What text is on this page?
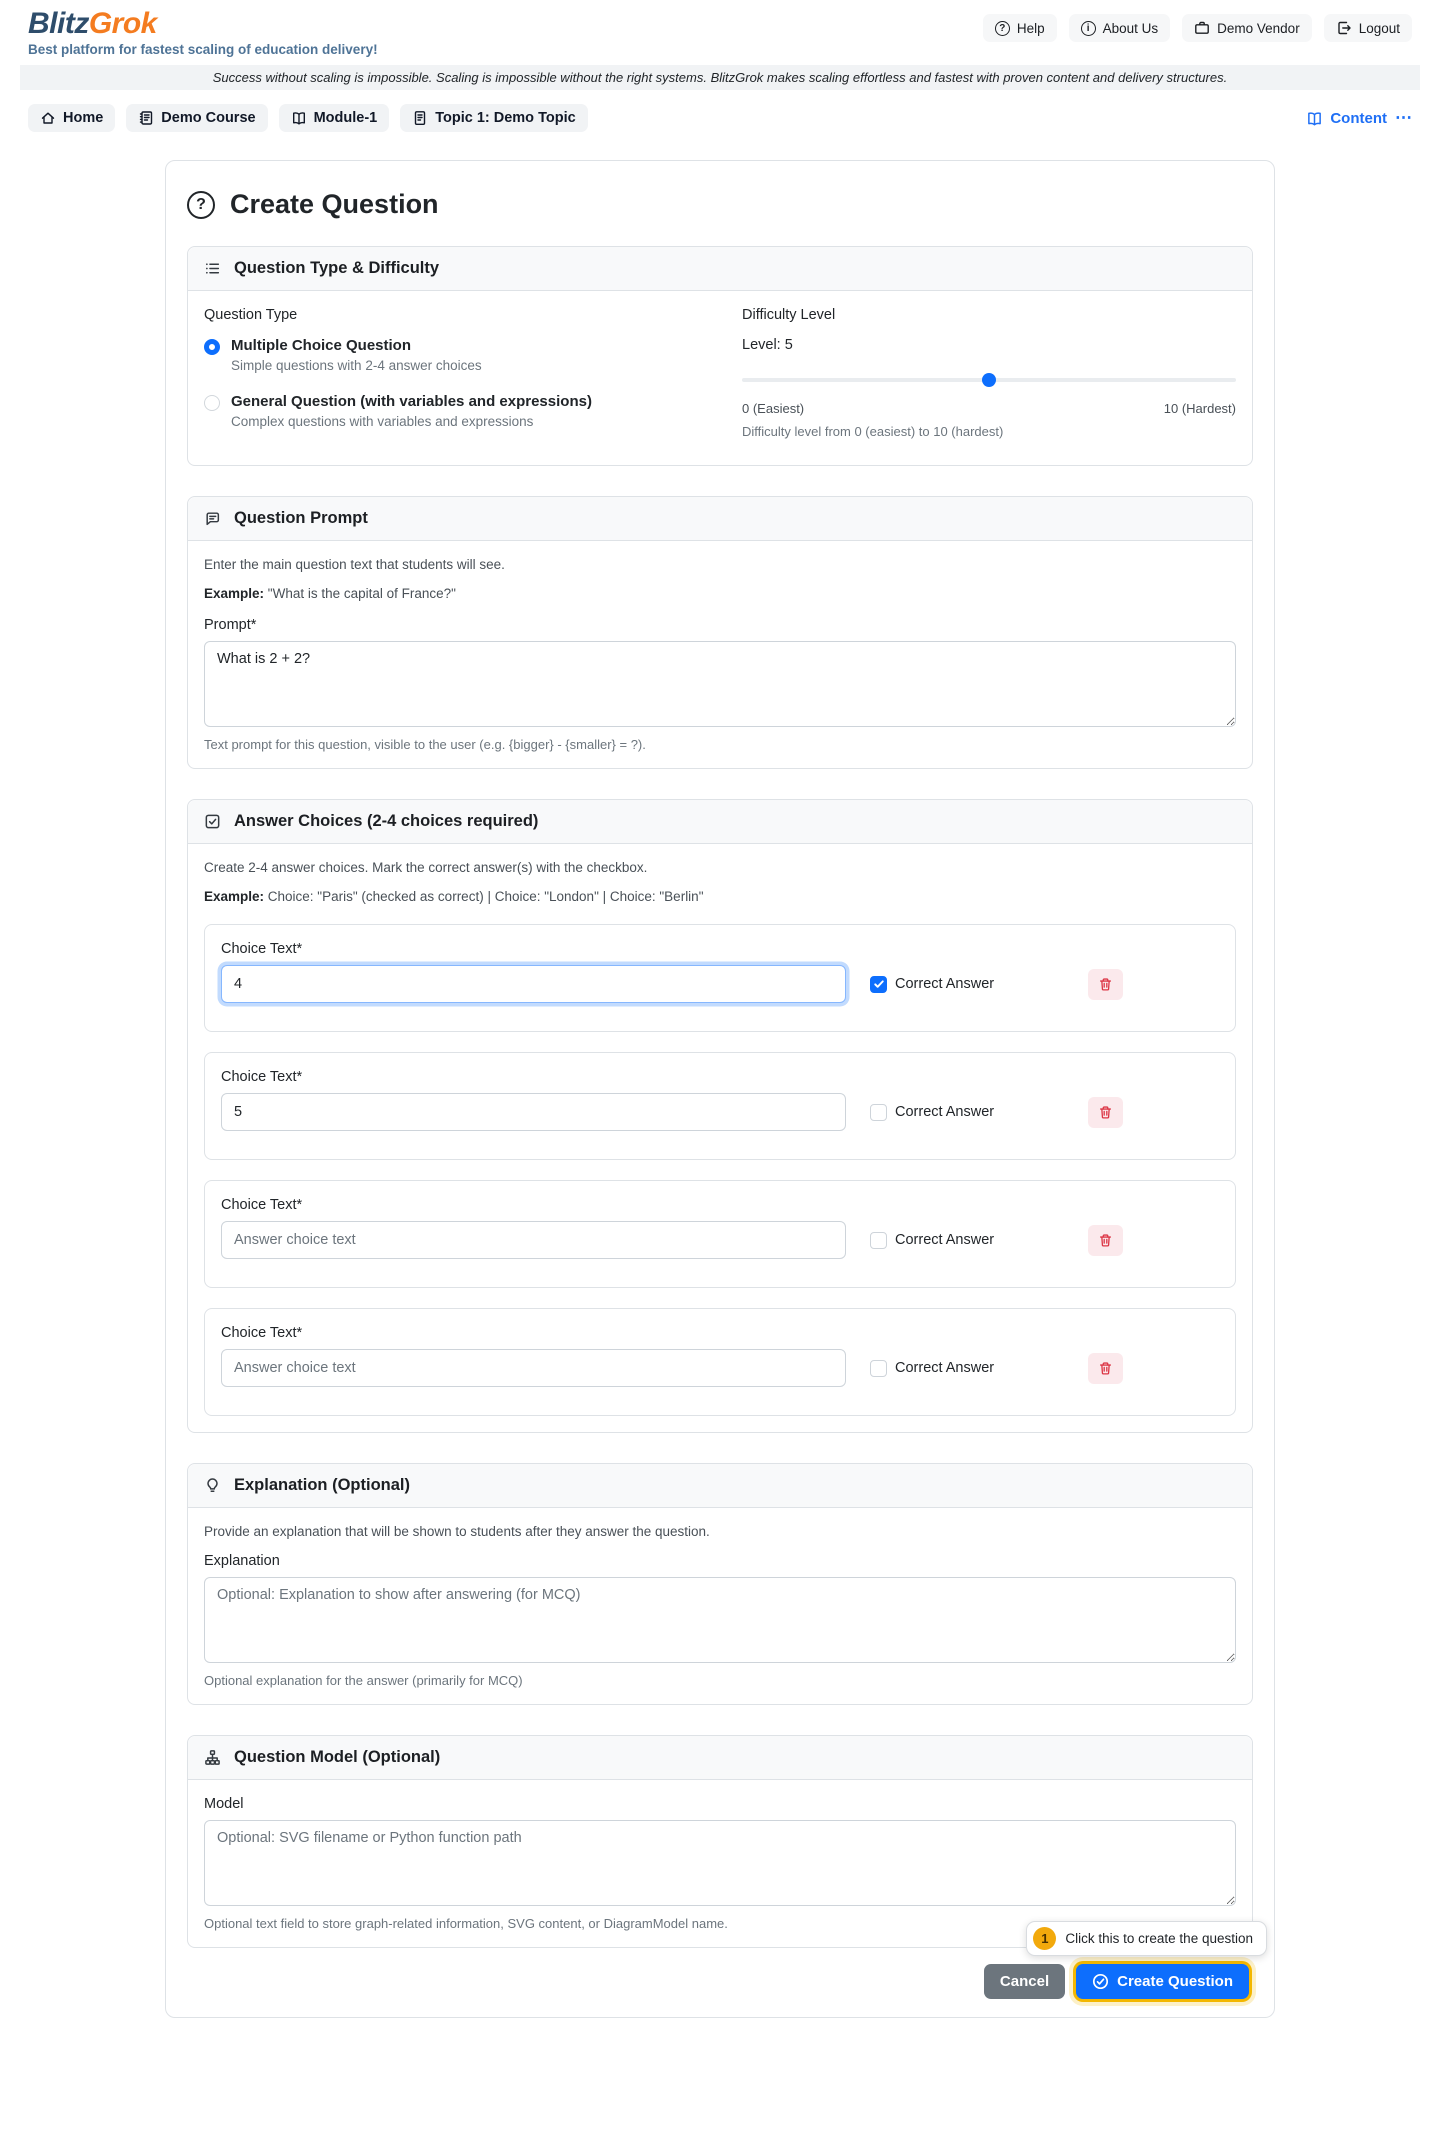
BlitzGrok
Best platform for fastest scaling of education delivery!
? Help	i About Us	Demo Vendor	Logout
Success without scaling is impossible. Scaling is impossible without the right systems. BlitzGrok makes scaling effortless and fastest with proven content and delivery structures.
Home	Demo Course	Module-1	Topic 1: Demo Topic	Content ⋯
? Create Question
Question Type & Difficulty
Question Type
Multiple Choice Question
Simple questions with 2-4 answer choices
General Question (with variables and expressions)
Complex questions with variables and expressions
Difficulty Level
Level: 5
0 (Easiest)	10 (Hardest)
Difficulty level from 0 (easiest) to 10 (hardest)
Question Prompt
Enter the main question text that students will see.
Example: "What is the capital of France?"
Prompt*
What is 2 + 2?
Text prompt for this question, visible to the user (e.g. {bigger} - {smaller} = ?).
Answer Choices (2-4 choices required)
Create 2-4 answer choices. Mark the correct answer(s) with the checkbox.
Example: Choice: "Paris" (checked as correct) | Choice: "London" | Choice: "Berlin"
Choice Text*
4
Correct Answer
Choice Text*
5
Correct Answer
Choice Text*
Answer choice text
Correct Answer
Choice Text*
Answer choice text
Correct Answer
Explanation (Optional)
Provide an explanation that will be shown to students after they answer the question.
Explanation
Optional: Explanation to show after answering (for MCQ)
Optional explanation for the answer (primarily for MCQ)
Question Model (Optional)
Model
Optional: SVG filename or Python function path
Optional text field to store graph-related information, SVG content, or DiagramModel name.
1	Click this to create the question
Cancel	Create Question
